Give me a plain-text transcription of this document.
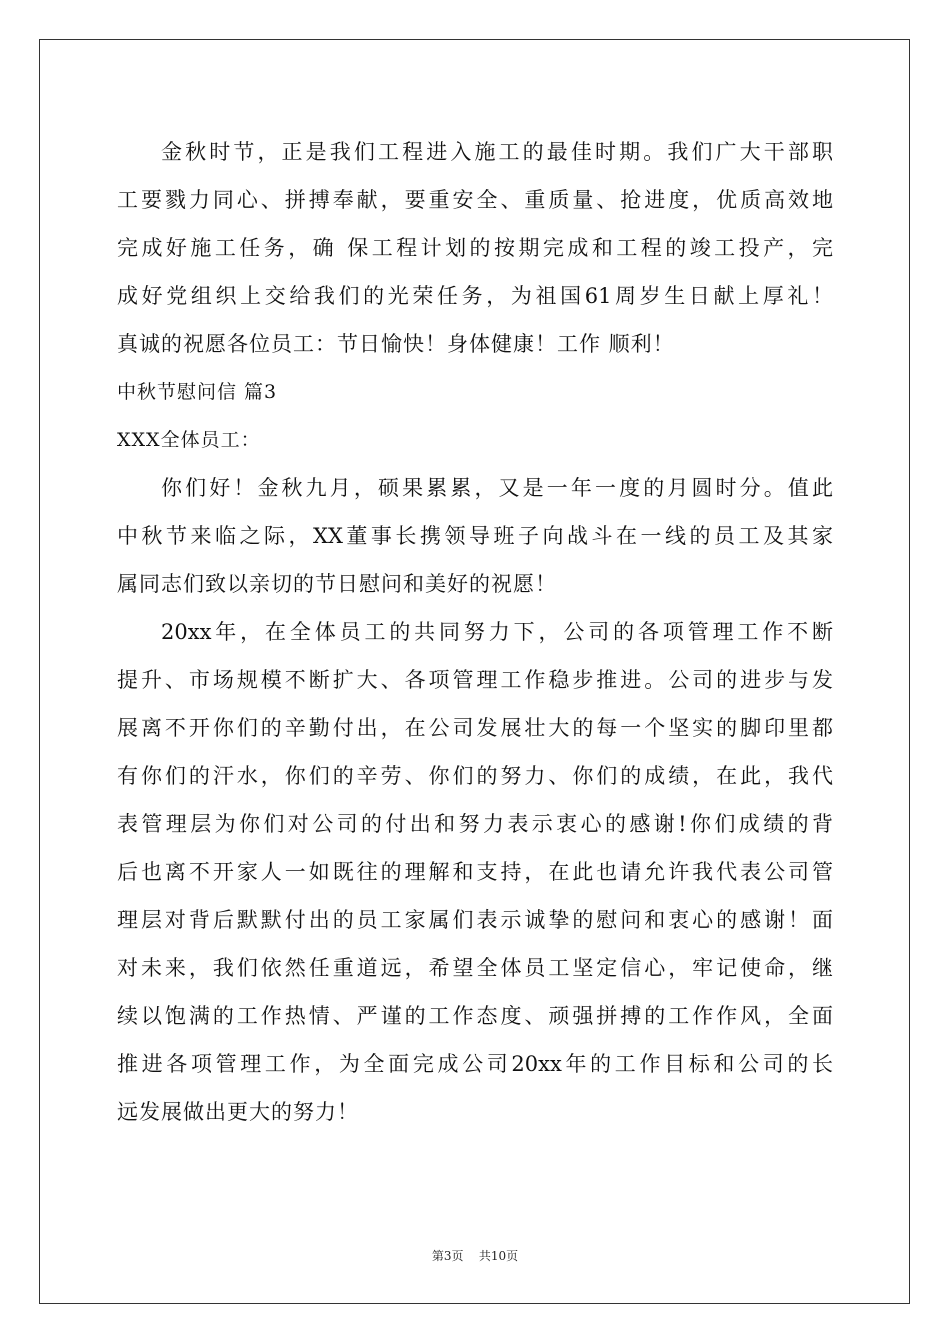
金秋时节，正是我们工程进入施工的最佳时期。我们广大干部职
工要戮力同心、拼搏奉献，要重安全、重质量、抢进度，优质高效地
完成好施工任务，确 保工程计划的按期完成和工程的竣工投产，完
成好党组织上交给我们的光荣任务，为祖国61周岁生日献上厚礼！
真诚的祝愿各位员工：节日愉快！身体健康！工作 顺利！
中秋节慰问信 篇3
XXX全体员工：
你们好！金秋九月，硕果累累，又是一年一度的月圆时分。值此
中秋节来临之际，XX董事长携领导班子向战斗在一线的员工及其家
属同志们致以亲切的节日慰问和美好的祝愿！
20xx年，在全体员工的共同努力下，公司的各项管理工作不断
提升、市场规模不断扩大、各项管理工作稳步推进。公司的进步与发
展离不开你们的辛勤付出，在公司发展壮大的每一个坚实的脚印里都
有你们的汗水，你们的辛劳、你们的努力、你们的成绩，在此，我代
表管理层为你们对公司的付出和努力表示衷心的感谢!你们成绩的背
后也离不开家人一如既往的理解和支持，在此也请允许我代表公司管
理层对背后默默付出的员工家属们表示诚挚的慰问和衷心的感谢！面
对未来，我们依然任重道远，希望全体员工坚定信心，牢记使命，继
续以饱满的工作热情、严谨的工作态度、顽强拼搏的工作作风，全面
推进各项管理工作，为全面完成公司20xx年的工作目标和公司的长
远发展做出更大的努力！
第3页 共10页
